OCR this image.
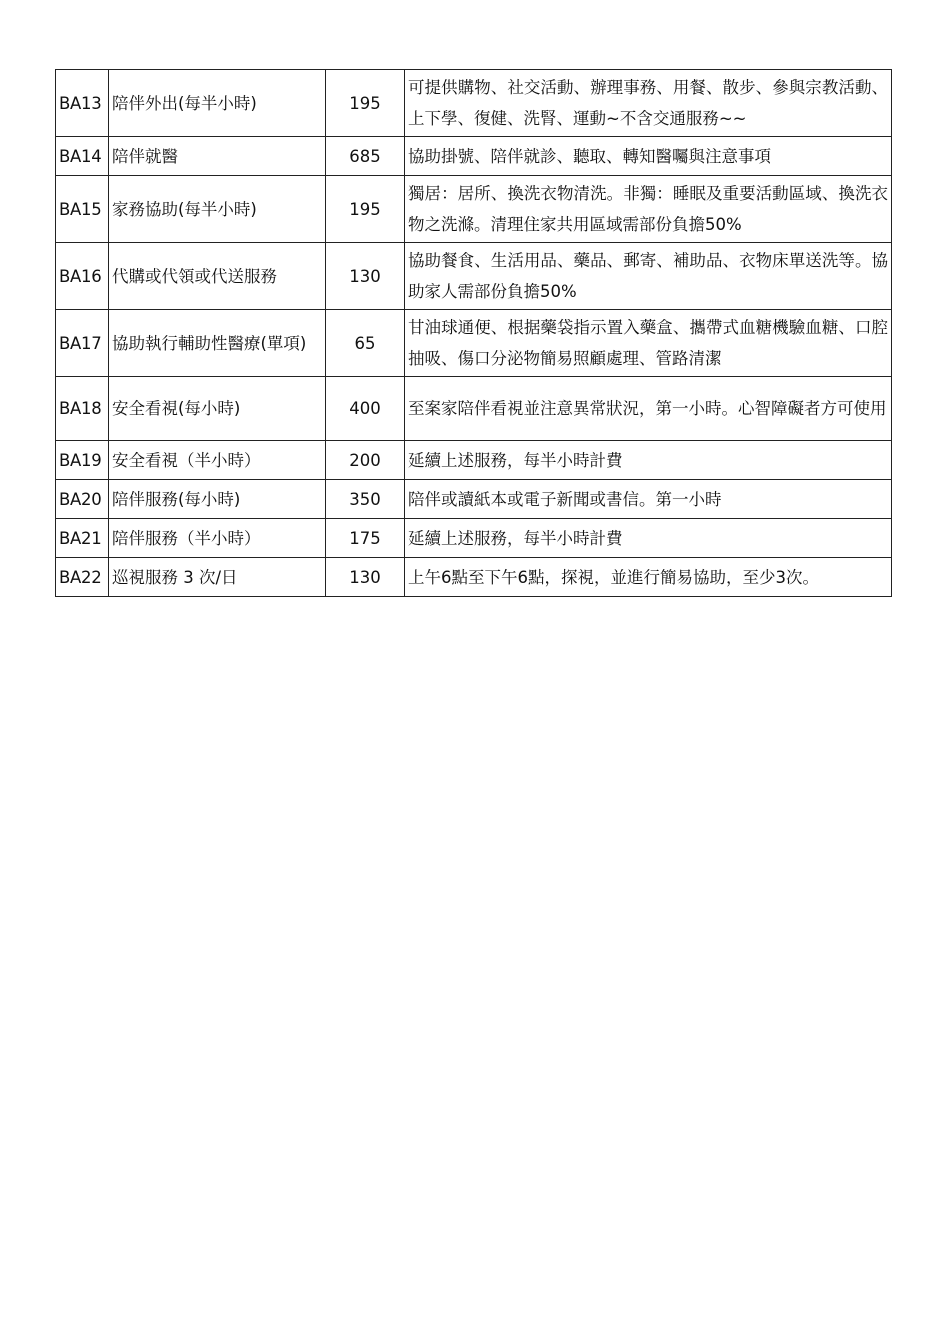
BA13	陪伴外出(每半小時)	195	可提供購物、社交活動、辦理事務、用餐、散步、參與宗教活動、上下學、復健、洗腎、運動~不含交通服務~~
BA14	陪伴就醫	685	協助掛號、陪伴就診、聽取、轉知醫囑與注意事項
BA15	家務協助(每半小時)	195	獨居：居所、換洗衣物清洗。非獨：睡眠及重要活動區域、換洗衣物之洗滌。清理住家共用區域需部份負擔50%
BA16	代購或代領或代送服務	130	協助餐食、生活用品、藥品、郵寄、補助品、衣物床單送洗等。協助家人需部份負擔50%
BA17	協助執行輔助性醫療(單項)	65	甘油球通便、根据藥袋指示置入藥盒、攜帶式血糖機驗血糖、口腔抽吸、傷口分泌物簡易照顧處理、管路清潔
BA18	安全看視(每小時)	400	至案家陪伴看視並注意異常狀況，第一小時。心智障礙者方可使用
BA19	安全看視（半小時）	200	延續上述服務，每半小時計費
BA20	陪伴服務(每小時)	350	陪伴或讀紙本或電子新聞或書信。第一小時
BA21	陪伴服務（半小時）	175	延續上述服務，每半小時計費
BA22	巡視服務 3 次/日	130	上午6點至下午6點，探視，並進行簡易協助，至少3次。
